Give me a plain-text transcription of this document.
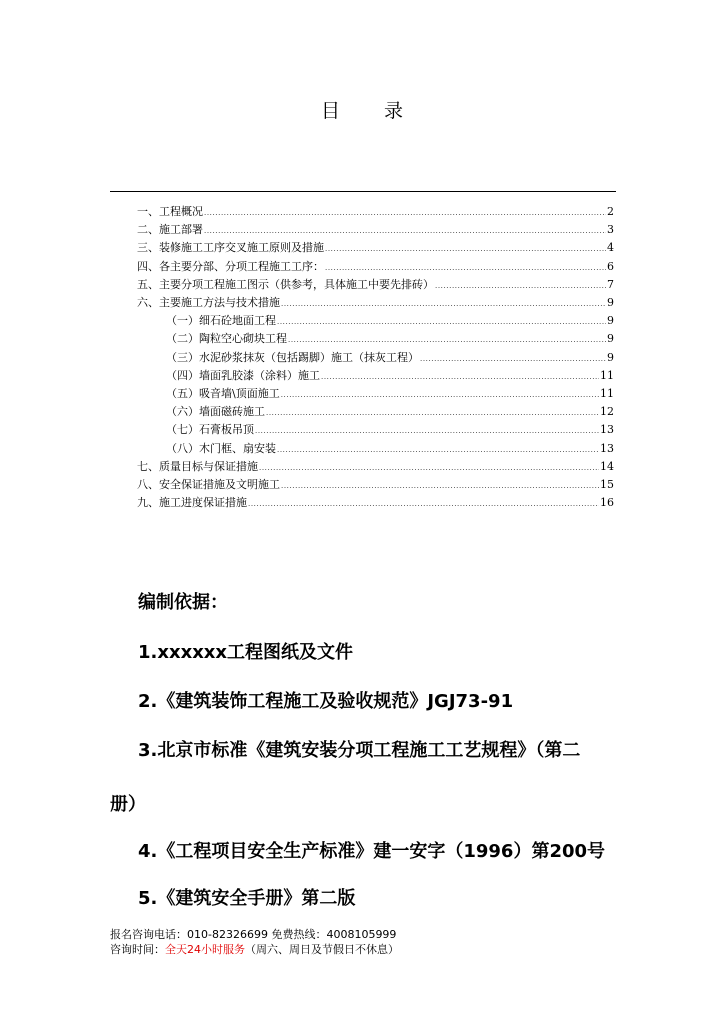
目录
一、工程概况 .....	2
二、施工部署 .....	3
三、装修施工工序交叉施工原则及措施 .....	4
四、各主要分部、分项工程施工工序： .....	6
五、主要分项工程施工图示（供参考，具体施工中要先排砖） .....	7
六、主要施工方法与技术措施 .....	9
（一）细石砼地面工程 .....	9
（二）陶粒空心砌块工程 .....	9
（三）水泥砂浆抹灰（包括踢脚）施工（抹灰工程） .....	9
（四）墙面乳胶漆（涂料）施工 .....	11
（五）吸音墙\顶面施工 .....	11
（六）墙面磁砖施工 .....	12
（七）石膏板吊顶 .....	13
（八）木门框、扇安装 .....	13
七、质量目标与保证措施 .....	14
八、安全保证措施及文明施工 .....	15
九、施工进度保证措施 .....	16
编制依据：

1.xxxxxx工程图纸及文件

2.《建筑装饰工程施工及验收规范》JGJ73-91

3.北京市标准《建筑安装分项工程施工工艺规程》（第二

册）

4.《工程项目安全生产标准》建一安字（1996）第200号

5.《建筑安全手册》第二版

报名咨询电话：010-82326699 免费热线：4008105999
咨询时间：全天24小时服务（周六、周日及节假日不休息）
